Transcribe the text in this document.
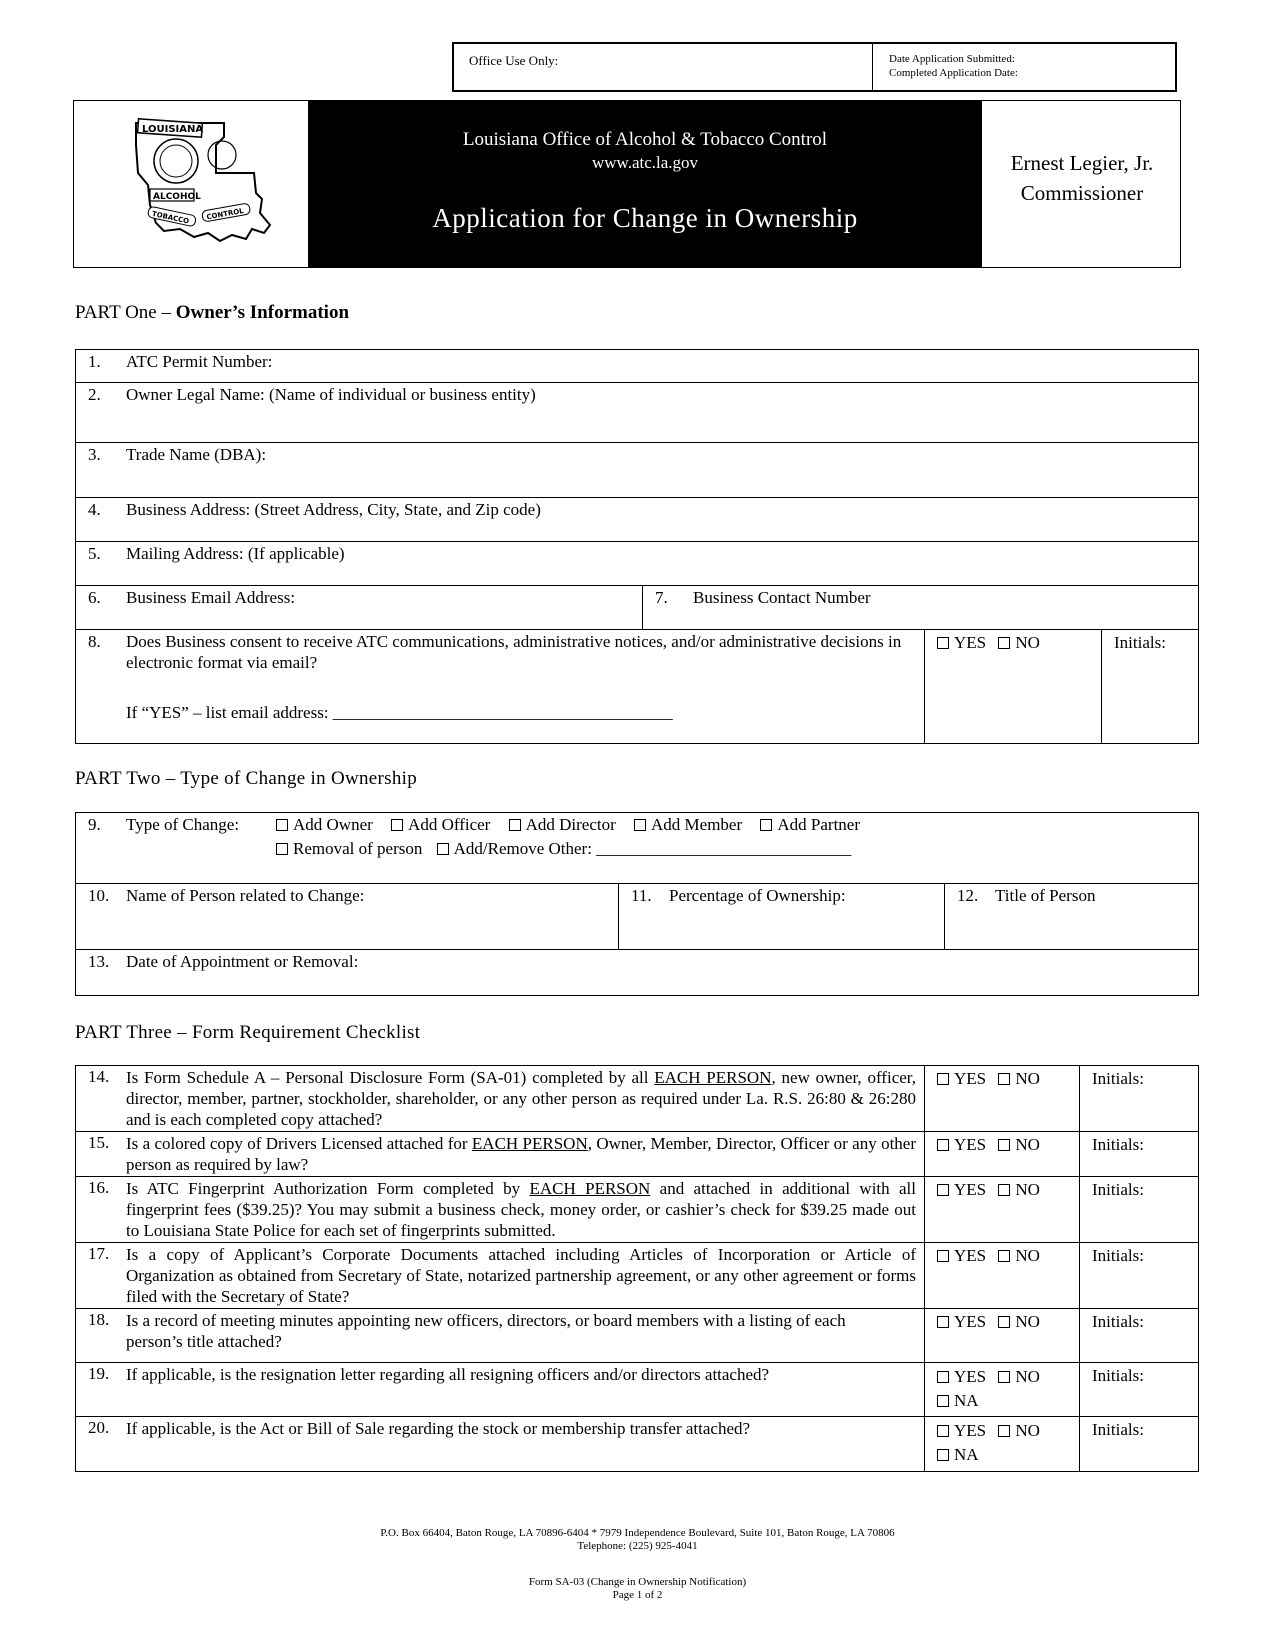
Office Use Only:	Date Application Submitted:
Completed Application Date:
LOUISIANA
ALCOHOL
TOBACCO CONTROL
Louisiana Office of Alcohol & Tobacco Control
www.atc.la.gov
Application for Change in Ownership
Ernest Legier, Jr.
Commissioner
PART One – Owner’s Information
1. ATC Permit Number:
2. Owner Legal Name: (Name of individual or business entity)
3. Trade Name (DBA):
4. Business Address: (Street Address, City, State, and Zip code)
5. Mailing Address: (If applicable)
6. Business Email Address:	7. Business Contact Number
8. Does Business consent to receive ATC communications, administrative notices, and/or administrative decisions in electronic format via email?
If “YES” – list email address: ________________________________________
YES NO	Initials:
PART Two – Type of Change in Ownership
9. Type of Change:	Add Owner Add Officer Add Director Add Member Add Partner
Removal of person Add/Remove Other: ______________________________
10. Name of Person related to Change:	11. Percentage of Ownership:	12. Title of Person
13. Date of Appointment or Removal:
PART Three – Form Requirement Checklist
14. Is Form Schedule A – Personal Disclosure Form (SA-01) completed by all EACH PERSON, new owner, officer, director, member, partner, stockholder, shareholder, or any other person as required under La. R.S. 26:80 & 26:280 and is each completed copy attached?
YES NO	Initials:
15. Is a colored copy of Drivers Licensed attached for EACH PERSON, Owner, Member, Director, Officer or any other person as required by law?
YES NO	Initials:
16. Is ATC Fingerprint Authorization Form completed by EACH PERSON and attached in additional with all fingerprint fees ($39.25)? You may submit a business check, money order, or cashier’s check for $39.25 made out to Louisiana State Police for each set of fingerprints submitted.
YES NO	Initials:
17. Is a copy of Applicant’s Corporate Documents attached including Articles of Incorporation or Article of Organization as obtained from Secretary of State, notarized partnership agreement, or any other agreement or forms filed with the Secretary of State?
YES NO	Initials:
18. Is a record of meeting minutes appointing new officers, directors, or board members with a listing of each person’s title attached?
YES NO	Initials:
19. If applicable, is the resignation letter regarding all resigning officers and/or directors attached?	YES NO
NA
Initials:
20. If applicable, is the Act or Bill of Sale regarding the stock or membership transfer attached?	YES NO
NA
Initials:
P.O. Box 66404, Baton Rouge, LA 70896-6404 * 7979 Independence Boulevard, Suite 101, Baton Rouge, LA 70806
Telephone: (225) 925-4041
Form SA-03 (Change in Ownership Notification)
Page 1 of 2
